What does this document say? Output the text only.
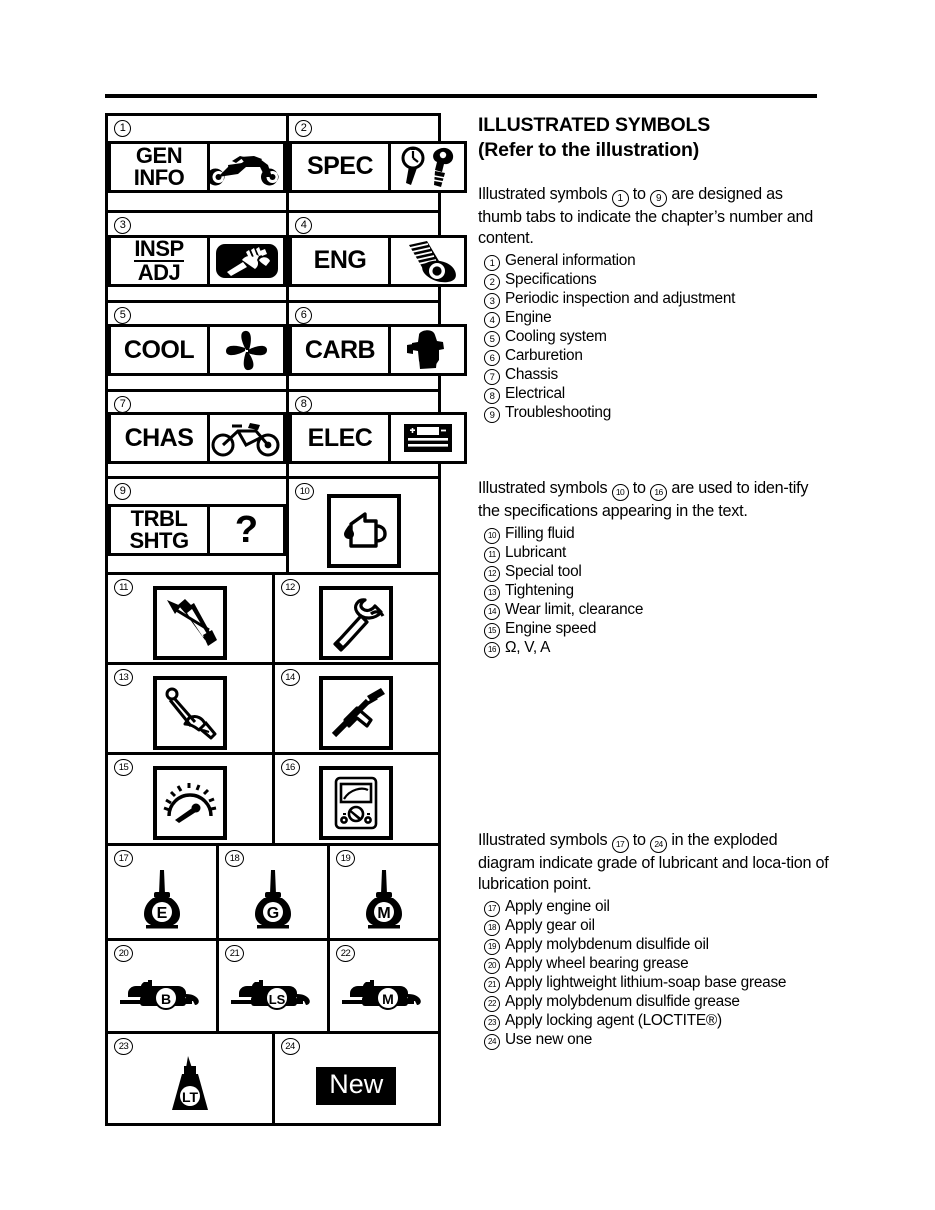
1
GEN
INFO
2
SPEC
3
INSP
ADJ
4
ENG
5
COOL
6
CARB
7
CHAS
8
ELEC
9
TRBL
SHTG ?
10
11	12
13	14
15	16
17
E
18
G
19
M
20
B
21
LS
22
M
23
LT
24
New
ILLUSTRATED SYMBOLS
(Refer to the illustration)
Illustrated symbols 1 to 9 are designed as thumb tabs to indicate the chapter’s number and content.
1 General information
2 Specifications
3 Periodic inspection and adjustment
4 Engine
5 Cooling system
6 Carburetion
7 Chassis
8 Electrical
9 Troubleshooting
Illustrated symbols 10 to 16 are used to iden-tify the specifications appearing in the text.
10 Filling fluid
11 Lubricant
12 Special tool
13 Tightening
14 Wear limit, clearance
15 Engine speed
16 Ω, V, A
Illustrated symbols 17 to 24 in the exploded diagram indicate grade of lubricant and loca-tion of lubrication point.
17 Apply engine oil
18 Apply gear oil
19 Apply molybdenum disulfide oil
20 Apply wheel bearing grease
21 Apply lightweight lithium-soap base grease
22 Apply molybdenum disulfide grease
23 Apply locking agent (LOCTITE®)
24 Use new one
